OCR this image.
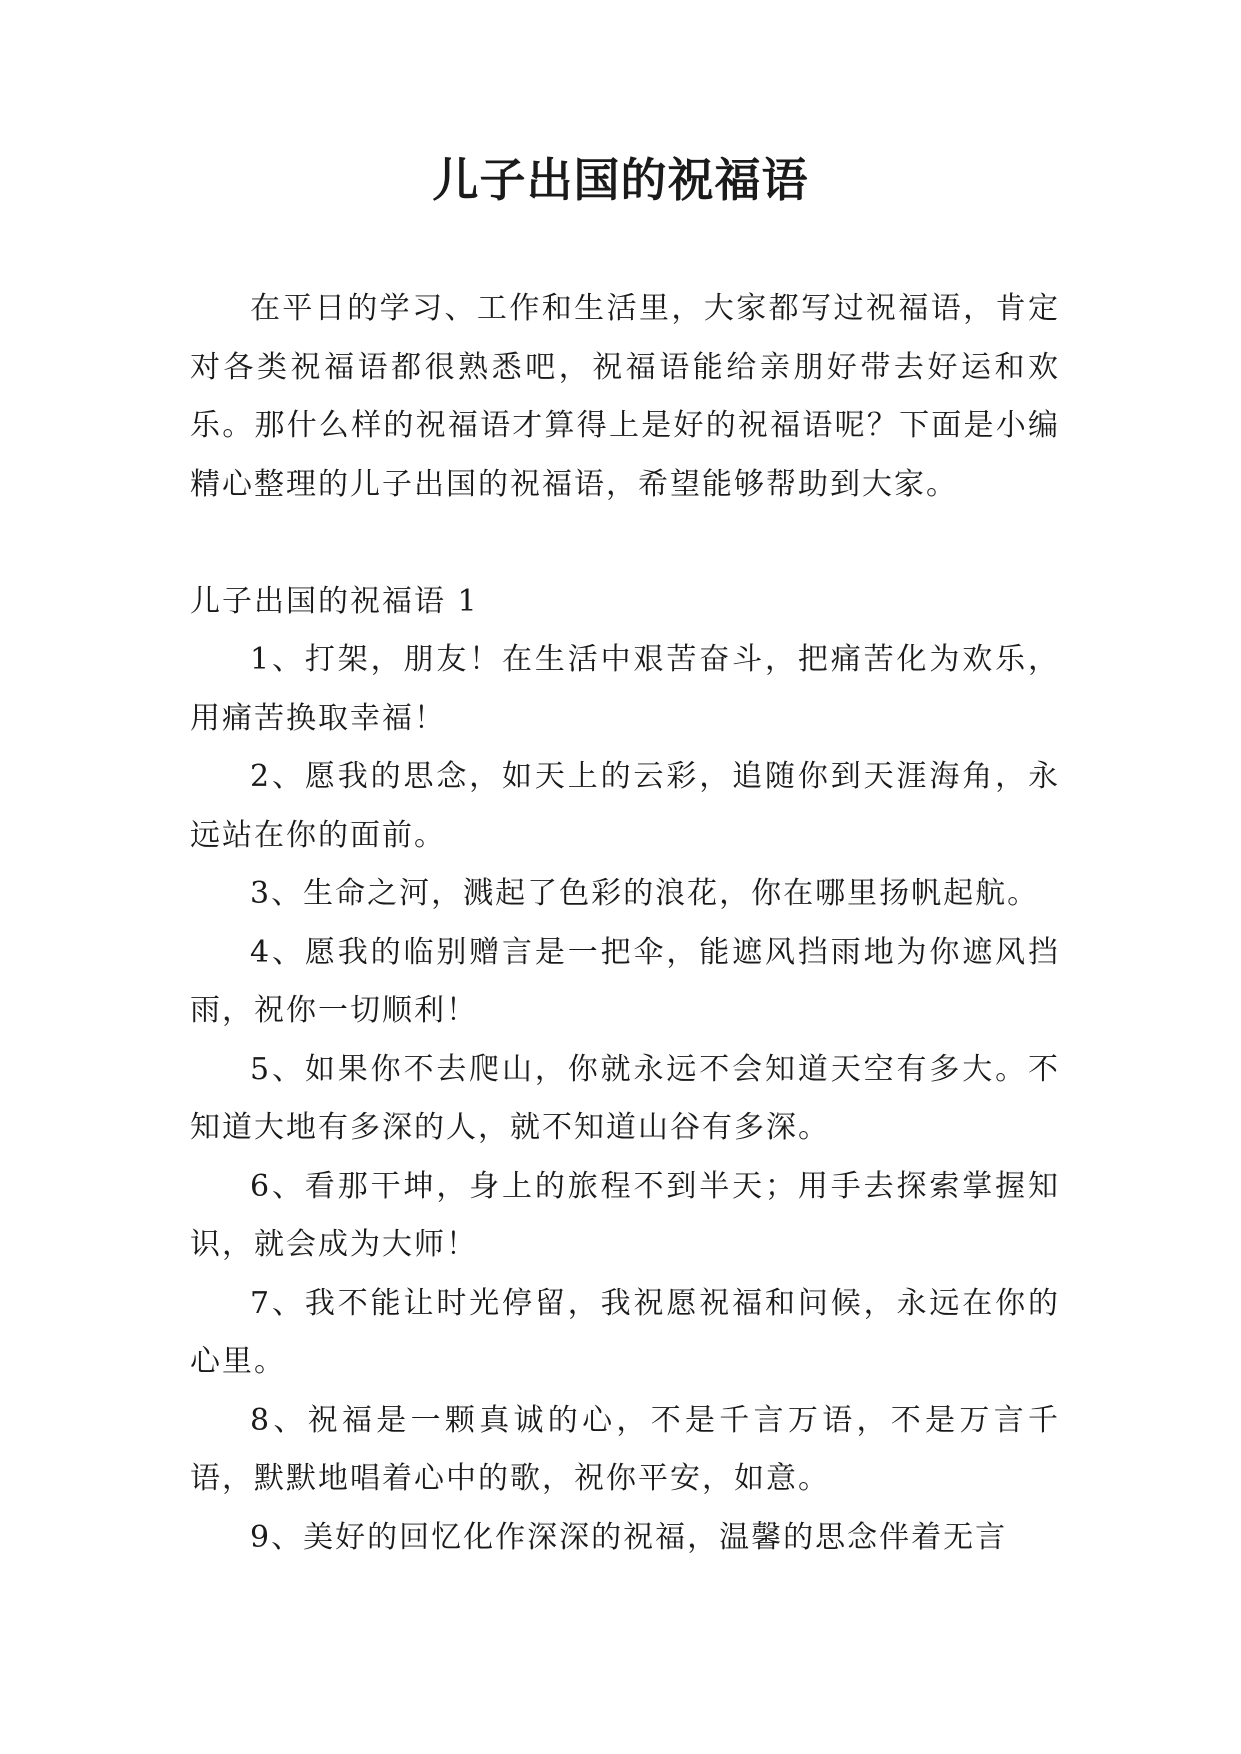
儿子出国的祝福语

在平日的学习、工作和生活里，大家都写过祝福语，肯定对各类祝福语都很熟悉吧，祝福语能给亲朋好带去好运和欢乐。那什么样的祝福语才算得上是好的祝福语呢？下面是小编精心整理的儿子出国的祝福语，希望能够帮助到大家。

儿子出国的祝福语 1

1、打架，朋友！在生活中艰苦奋斗，把痛苦化为欢乐，用痛苦换取幸福！

2、愿我的思念，如天上的云彩，追随你到天涯海角，永远站在你的面前。

3、生命之河，溅起了色彩的浪花，你在哪里扬帆起航。

4、愿我的临别赠言是一把伞，能遮风挡雨地为你遮风挡雨，祝你一切顺利！

5、如果你不去爬山，你就永远不会知道天空有多大。不知道大地有多深的人，就不知道山谷有多深。

6、看那干坤，身上的旅程不到半天；用手去探索掌握知识，就会成为大师！

7、我不能让时光停留，我祝愿祝福和问候，永远在你的心里。

8、祝福是一颗真诚的心，不是千言万语，不是万言千语，默默地唱着心中的歌，祝你平安，如意。

9、美好的回忆化作深深的祝福，温馨的思念伴着无言
